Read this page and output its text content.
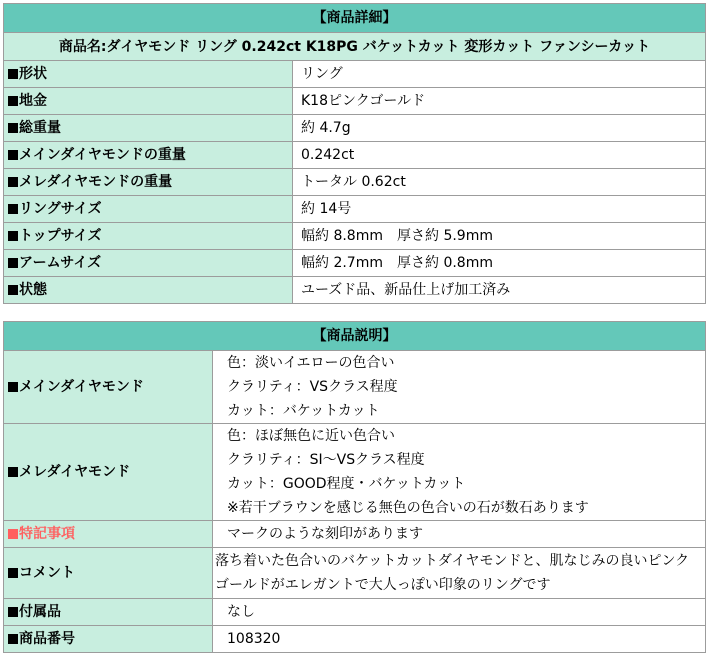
【商品詳細】	
商品名:ダイヤモンド リング 0.242ct K18PG バケットカット 変形カット ファンシーカット	
形状	リング
地金	K18ピンクゴールド
総重量	約 4.7g
メインダイヤモンドの重量	0.242ct
メレダイヤモンドの重量	トータル 0.62ct
リングサイズ	約 14号
トップサイズ	幅約 8.8mm　厚さ約 5.9mm
アームサイズ	幅約 2.7mm　厚さ約 0.8mm
状態	ユーズド品、新品仕上げ加工済み
【商品説明】	
メインダイヤモンド	色：淡いイエローの色合い
クラリティ：VSクラス程度
カット：バケットカット

メレダイヤモンド	色：ほぼ無色に近い色合い
クラリティ：SI～VSクラス程度
カット：GOOD程度・バケットカット
※若干ブラウンを感じる無色の色合いの石が数石あります

特記事項	マークのような刻印があります
コメント	落ち着いた色合いのバケットカットダイヤモンドと、肌なじみの良いピンク
ゴールドがエレガントで大人っぽい印象のリングです

付属品	なし
商品番号	108320
